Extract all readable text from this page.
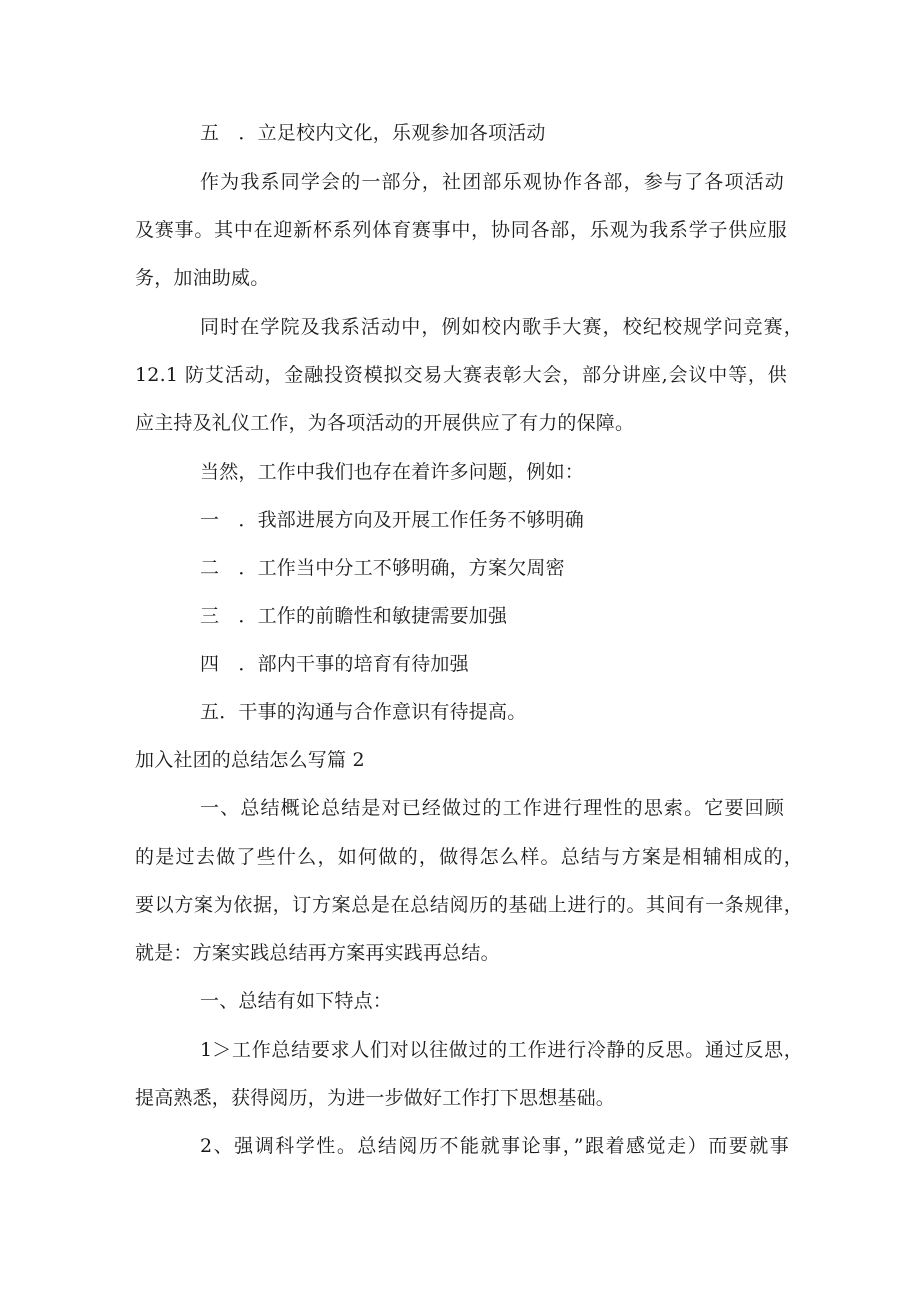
五　．立足校内文化，乐观参加各项活动
作为我系同学会的一部分，社团部乐观协作各部，参与了各项活动
及赛事。其中在迎新杯系列体育赛事中，协同各部，乐观为我系学子供应服
务，加油助威。
同时在学院及我系活动中，例如校内歌手大赛，校纪校规学问竞赛，
12.1 防艾活动，金融投资模拟交易大赛表彰大会，部分讲座,会议中等，供
应主持及礼仪工作，为各项活动的开展供应了有力的保障。
当然，工作中我们也存在着许多问题，例如：
一　．我部进展方向及开展工作任务不够明确
二　．工作当中分工不够明确，方案欠周密
三　．工作的前瞻性和敏捷需要加强
四　．部内干事的培育有待加强
五．干事的沟通与合作意识有待提高。
加入社团的总结怎么写篇 2
一、总结概论总结是对已经做过的工作进行理性的思索。它要回顾
的是过去做了些什么，如何做的，做得怎么样。总结与方案是相辅相成的，
要以方案为依据，订方案总是在总结阅历的基础上进行的。其间有一条规律，
就是：方案实践总结再方案再实践再总结。
一、总结有如下特点：
1＞工作总结要求人们对以往做过的工作进行冷静的反思。通过反思，
提高熟悉，获得阅历，为进一步做好工作打下思想基础。
2、强调科学性。总结阅历不能就事论事，”跟着感觉走）而要就事
